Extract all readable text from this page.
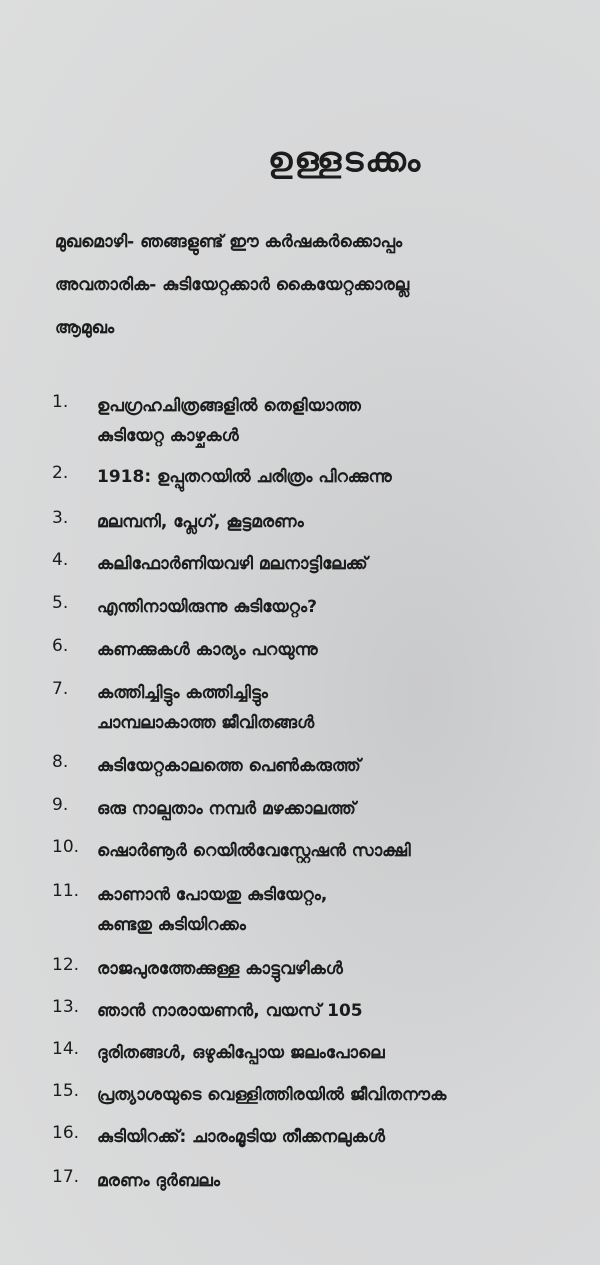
ഉള്ളടക്കം
മുഖമൊഴി- ഞങ്ങളുണ്ട് ഈ കർഷകർക്കൊപ്പം
അവതാരിക- കുടിയേറ്റക്കാർ കൈയേറ്റക്കാരല്ല
ആമുഖം
1. ഉപഗ്രഹചിത്രങ്ങളിൽ തെളിയാത്ത
കുടിയേറ്റ കാഴ്ചകൾ
2. 1918: ഉപ്പുതറയിൽ ചരിത്രം പിറക്കുന്നു
3. മലമ്പനി, പ്ലേഗ്, കൂട്ടമരണം
4. കലിഫോർണിയവഴി മലനാട്ടിലേക്ക്
5. എന്തിനായിരുന്നു കുടിയേറ്റം?
6. കണക്കുകൾ കാര്യം പറയുന്നു
7. കത്തിച്ചിട്ടും കത്തിച്ചിട്ടും
ചാമ്പലാകാത്ത ജീവിതങ്ങൾ
8. കുടിയേറ്റകാലത്തെ പെൺകരുത്ത്
9. ഒരു നാല്പതാം നമ്പർ മഴക്കാലത്ത്
10. ഷൊർണൂർ റെയിൽവേസ്റ്റേഷൻ സാക്ഷി
11. കാണാൻ പോയതു കുടിയേറ്റം,
കണ്ടതു കുടിയിറക്കം
12. രാജപുരത്തേക്കുള്ള കാട്ടുവഴികൾ
13. ഞാൻ നാരായണൻ, വയസ് 105
14. ദുരിതങ്ങൾ, ഒഴുകിപ്പോയ ജലംപോലെ
15. പ്രത്യാശയുടെ വെള്ളിത്തിരയിൽ ജീവിതനൗക
16. കുടിയിറക്ക്: ചാരംമൂടിയ തീക്കനലുകൾ
17. മരണം ദുർബലം
